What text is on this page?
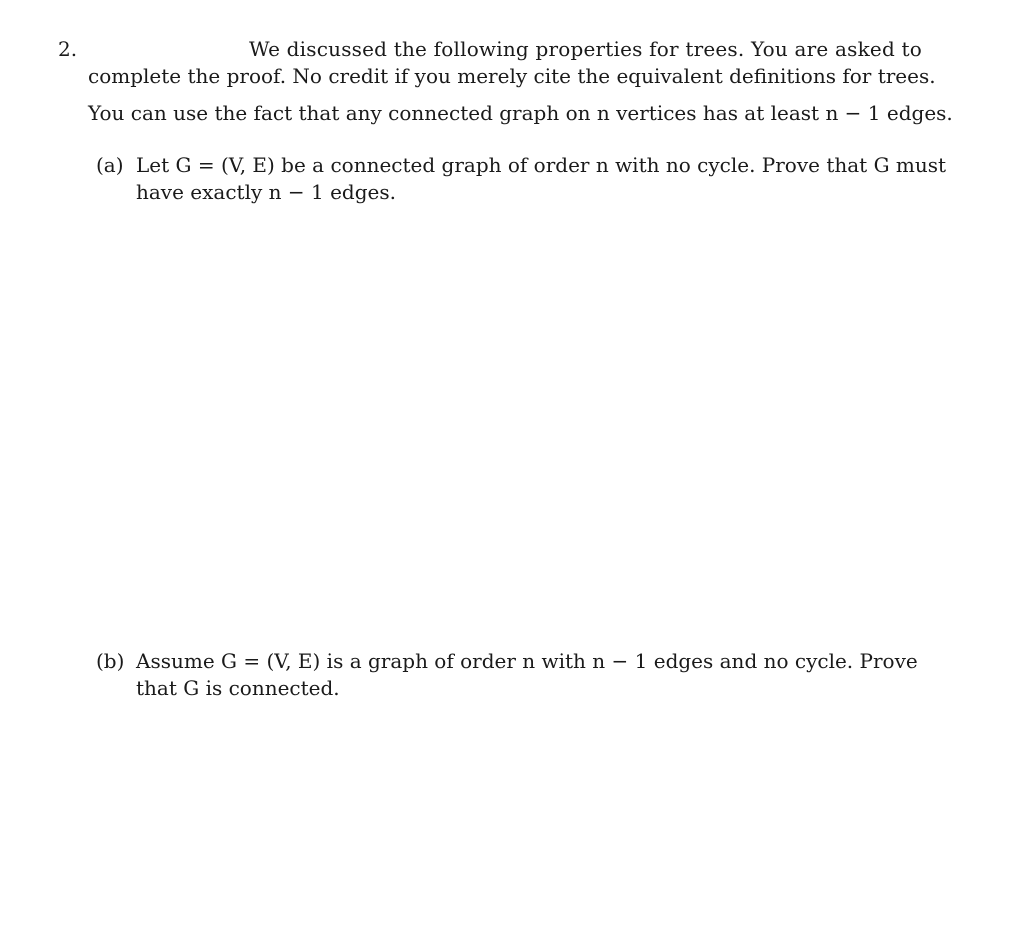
2.	We discussed the following properties for trees. You are asked to
complete the proof. No credit if you merely cite the equivalent definitions for trees.
You can use the fact that any connected graph on n vertices has at least n − 1 edges.
(a) Let G = (V, E) be a connected graph of order n with no cycle. Prove that G must
have exactly n − 1 edges.
(b) Assume G = (V, E) is a graph of order n with n − 1 edges and no cycle. Prove
that G is connected.
